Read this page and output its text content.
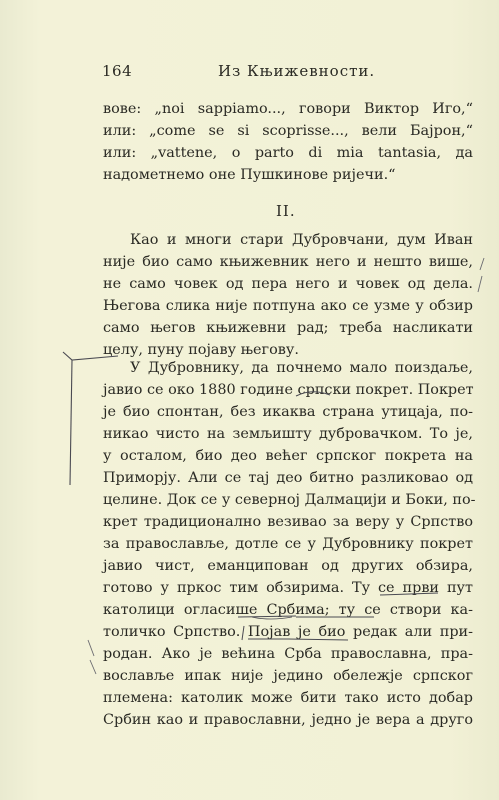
164	Из Књижевности.
вове: „noi sappiamo..., говори Виктор Иго,“
или: „come se si scoprisse..., вели Бајрон,“
или: „vattene, o parto di mia tantasia, да
надометнемо оне Пушкинове ријечи.“
II.
Као и многи стари Дубровчани, дум Иван
није био само књижевник него и нешто више,
не само човек од пера него и човек од дела.
Његова слика није потпуна ако се узме у обзир
само његов књижевни рад; треба насликати
целу, пуну појаву његову.
У Дубровнику, да почнемо мало поиздаље,
јавио се око 1880 године српски покрет. Покрет
је био спонтан, без икаква страна утицаја, по-
никао чисто на земљишту дубровачком. То је,
у осталом, био део већег српског покрета на
Приморју. Али се тај део битно разликовао од
целине. Док се у северној Далмацији и Боки, по-
крет традиционално везивао за веру у Српство
за православље, дотле се у Дубровнику покрет
јавио чист, еманципован од других обзира,
готово у пркос тим обзирима. Ту се први пут
католици огласише Србима; ту се створи ка-
толичко Српство. Појав је био редак али при-
родан. Ако је већина Срба православна, пра-
вославље ипак није једино обележје српског
племена: католик може бити тако исто добар
Србин као и православни, једно је вера а друго
